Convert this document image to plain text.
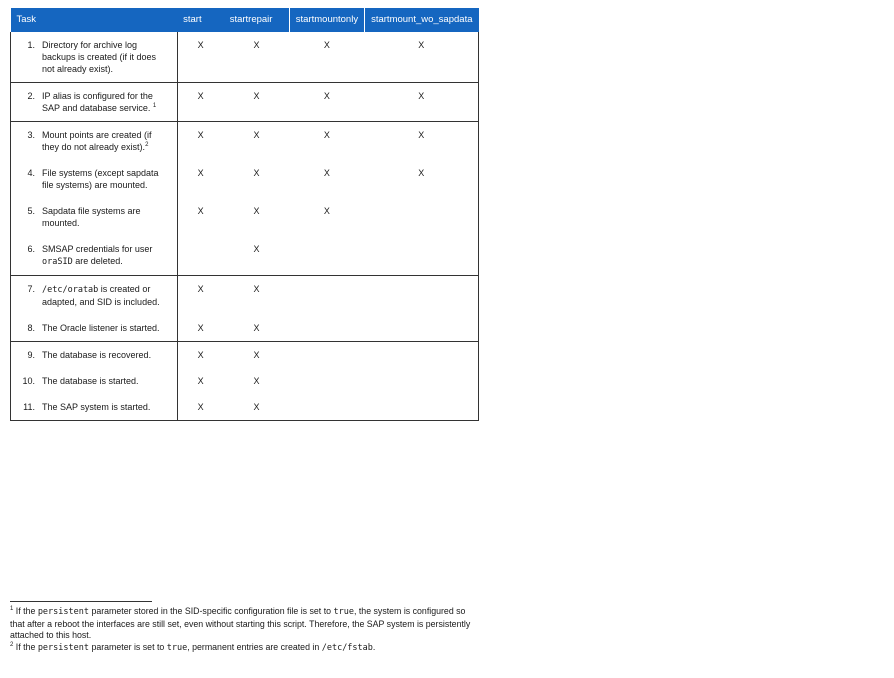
Task	start	startrepair	startmountonly	startmount_wo_sapdata

1. Directory for archive log backups is created (if it does not already exist).	X	X	X	X

2. IP alias is configured for the SAP and database service. $^1$	X	X	X	X

3. Mount points are created (if they do not already exist).$^2$	X	X	X	X

4. File systems (except sapdata file systems) are mounted.	X	X	X	X

5. Sapdata file systems are mounted.	X	X	X	

6. SMSAP credentials for user oraSID are deleted.		X		

7. /etc/oratab is created or adapted, and SID is included.	X	X		

8. The Oracle listener is started.	X	X		

9. The database is recovered.	X	X		

10. The database is started.	X	X		

11. The SAP system is started.	X	X		

$^1$ If the persistent parameter stored in the SID-specific configuration file is set to true, the system is configured so that after a reboot the interfaces are still set, even without starting this script. Therefore, the SAP system is persistently attached to this host.

$^2$ If the persistent parameter is set to true, permanent entries are created in /etc/fstab.
